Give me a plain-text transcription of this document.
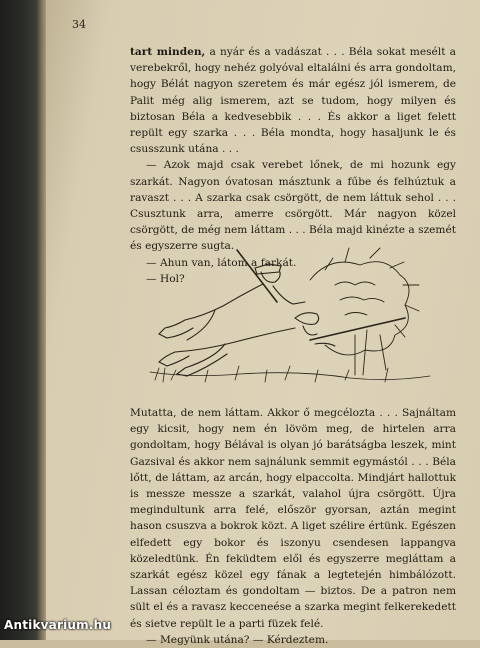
34

tart minden, a nyár és a vadászat . . . Béla sokat mesélt a verebekről, hogy nehéz golyóval eltalálni és arra gondoltam, hogy Bélát nagyon szeretem és már egész jól ismerem, de Palit még alig ismerem, azt se tudom, hogy milyen és biztosan Béla a kedvesebbik . . . És akkor a liget felett repült egy szarka . . . Béla mondta, hogy hasaljunk le és csusszunk utána . . .

— Azok majd csak verebet lőnek, de mi hozunk egy szarkát. Nagyon óvatosan másztunk a fűbe és felhúztuk a ravaszt . . . A szarka csak csörgött, de nem láttuk sehol . . . Csusztunk arra, amerre csörgött. Már nagyon közel csörgött, de még nem láttam . . . Béla majd kinézte a szemét és egyszerre sugta.

— Ahun van, látom a farkát.

— Hol?

Mutatta, de nem láttam. Akkor ő megcélozta . . . Sajnáltam egy kicsit, hogy nem én lövöm meg, de hirtelen arra gondoltam, hogy Bélával is olyan jó barátságba leszek, mint Gazsival és akkor nem sajnálunk semmit egymástól . . . Béla lőtt, de láttam, az arcán, hogy elpaccolta. Mindjárt hallottuk is messze messze a szarkát, valahol újra csörgött. Újra megindultunk arra felé, először gyorsan, aztán megint hason csuszva a bokrok közt. A liget szélire értünk. Egészen elfedett egy bokor és iszonyu csendesen lappangva közeledtünk. Én feküdtem elől és egyszerre megláttam a szarkát egész közel egy fának a legtetején himbálózott. Lassan céloztam és gondoltam — biztos. De a patron nem sült el és a ravasz kecceneése a szarka megint felkerekedett és sietve repült le a parti füzek felé.

— Megyünk utána? — Kérdeztem.

Antikvarium.hu
